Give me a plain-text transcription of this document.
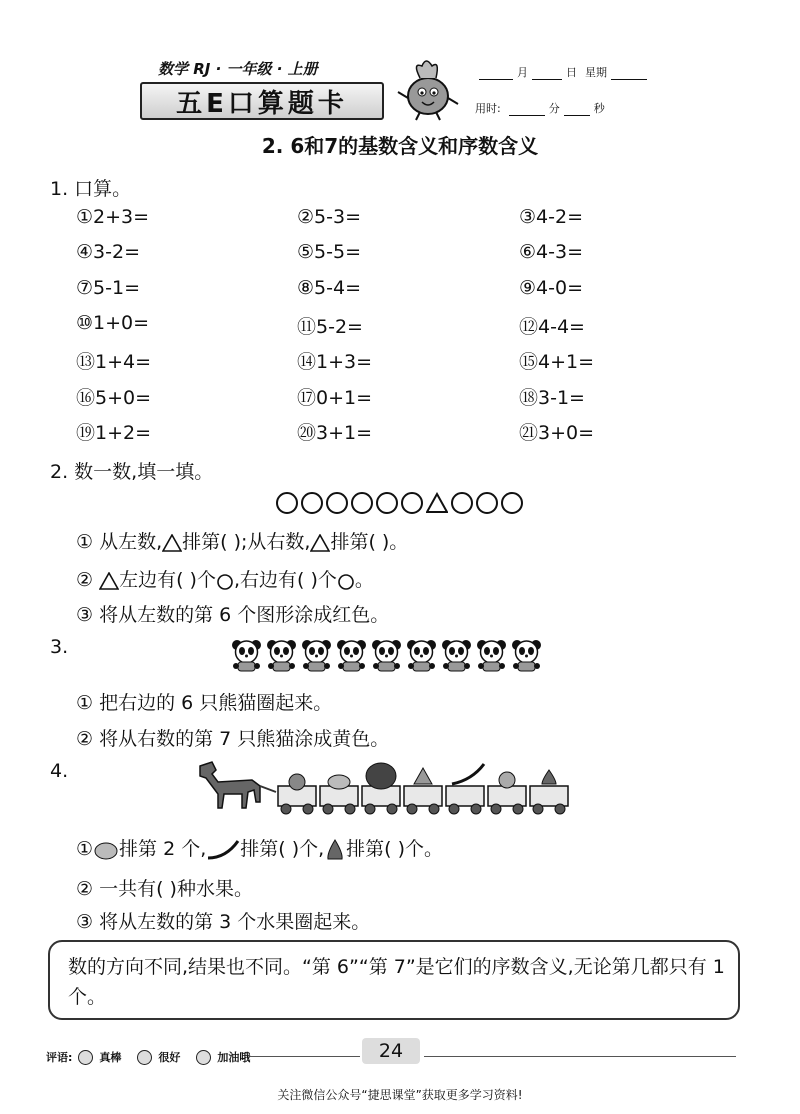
数学 RJ · 一年级 · 上册
五E口算题卡
月	日 星期
用时:	分	秒
2. 6和7的基数含义和序数含义
1. 口算。
①2+3=	②5-3=	③4-2=
④3-2=	⑤5-5=	⑥4-3=
⑦5-1=	⑧5-4=	⑨4-0=
⑩1+0=	⑪5-2=	⑫4-4=
⑬1+4=	⑭1+3=	⑮4+1=
⑯5+0=	⑰0+1=	⑱3-1=
⑲1+2=	⑳3+1=	㉑3+0=
2. 数一数,填一填。
① 从左数, 排第( );从右数, 排第( )。
② 左边有( )个 ,右边有( )个 。
③ 将从左数的第 6 个图形涂成红色。
3.
① 把右边的 6 只熊猫圈起来。
② 将从右数的第 7 只熊猫涂成黄色。
4.
① 排第 2 个, 排第( )个, 排第( )个。
② 一共有( )种水果。
③ 将从左数的第 3 个水果圈起来。
数的方向不同,结果也不同。“第 6”“第 7”是它们的序数含义,无论第几都只有 1 个。
评语: 真棒	很好	加油哦	24
关注微信公众号“捷思课堂”获取更多学习资料!
